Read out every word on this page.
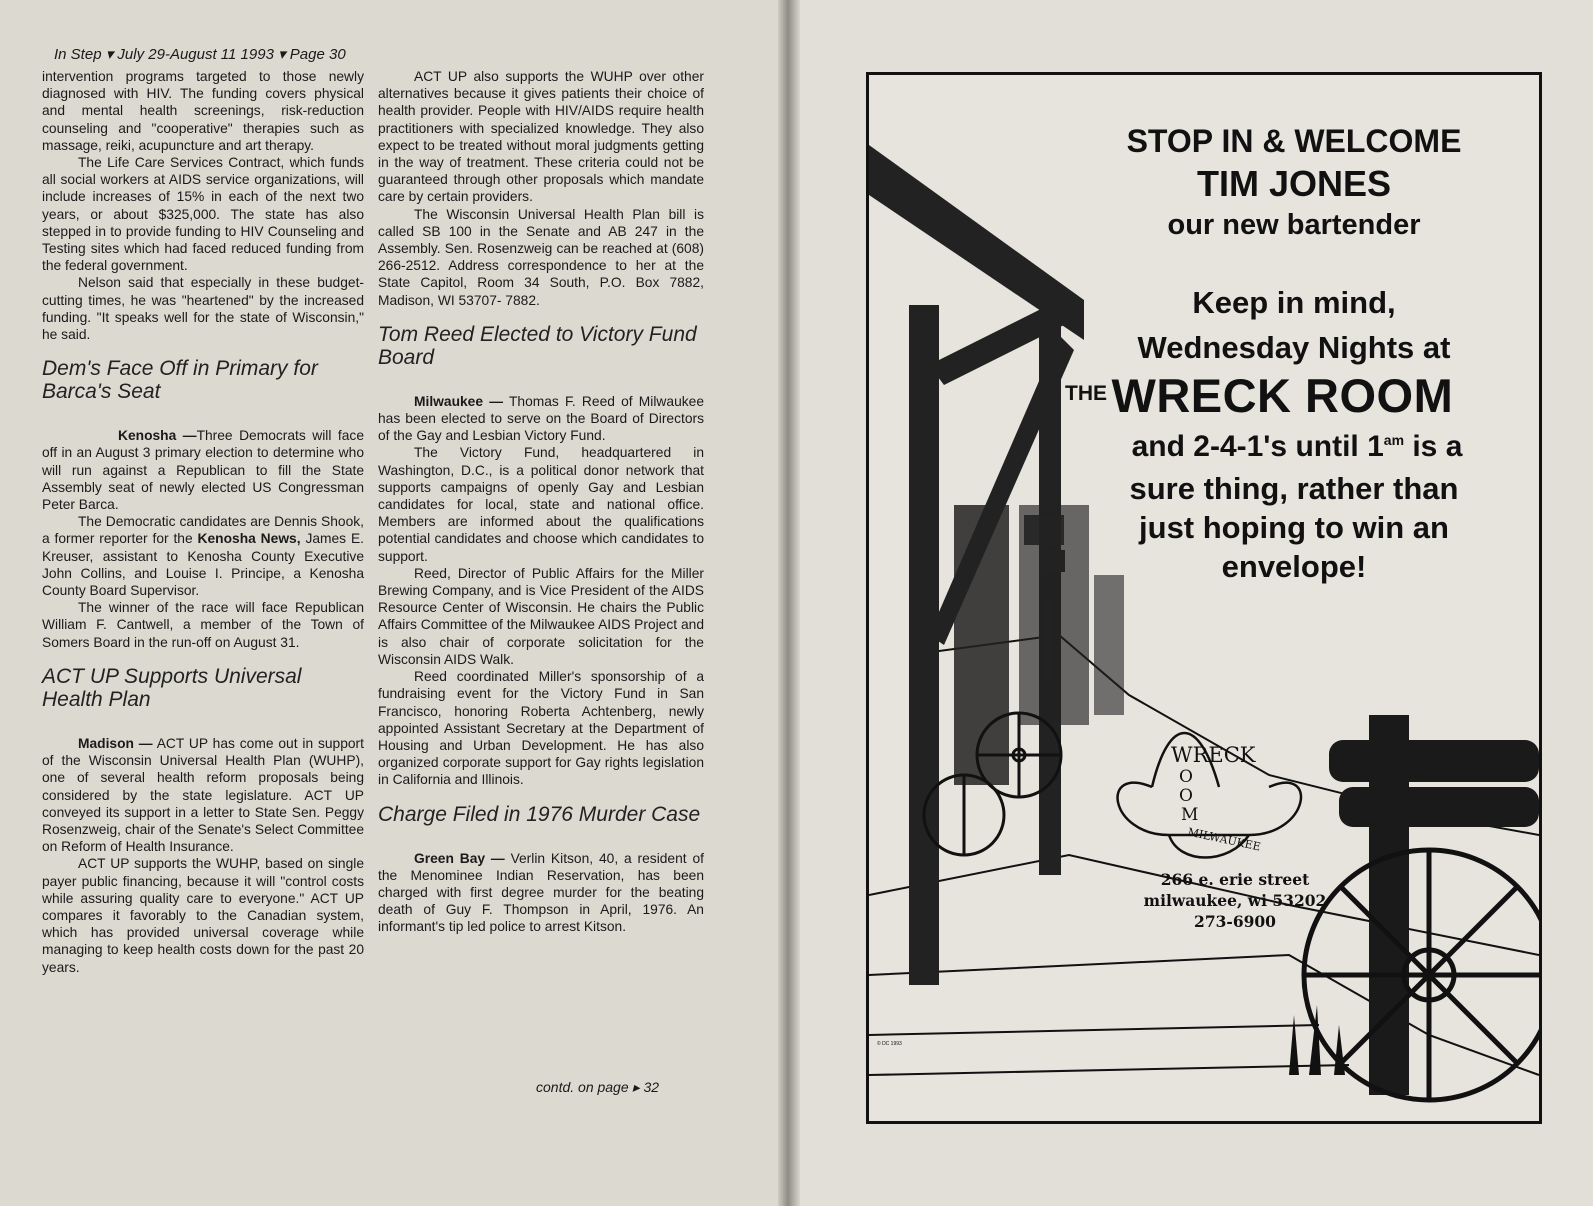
In Step ▾ July 29-August 11 1993 ▾ Page 30

intervention programs targeted to those newly diagnosed with HIV. The funding covers physical and mental health screenings, risk-reduction counseling and "cooperative" therapies such as massage, reiki, acupuncture and art therapy.

The Life Care Services Contract, which funds all social workers at AIDS service organizations, will include increases of 15% in each of the next two years, or about $325,000. The state has also stepped in to provide funding to HIV Counseling and Testing sites which had faced reduced funding from the federal government.

Nelson said that especially in these budget-cutting times, he was "heartened" by the increased funding. "It speaks well for the state of Wisconsin," he said.

Dem's Face Off in Primary for Barca's Seat

Kenosha —Three Democrats will face off in an August 3 primary election to determine who will run against a Republican to fill the State Assembly seat of newly elected US Congressman Peter Barca.

The Democratic candidates are Dennis Shook, a former reporter for the Kenosha News, James E. Kreuser, assistant to Kenosha County Executive John Collins, and Louise I. Principe, a Kenosha County Board Supervisor.

The winner of the race will face Republican William F. Cantwell, a member of the Town of Somers Board in the run-off on August 31.

ACT UP Supports Universal Health Plan

Madison — ACT UP has come out in support of the Wisconsin Universal Health Plan (WUHP), one of several health reform proposals being considered by the state legislature. ACT UP conveyed its support in a letter to State Sen. Peggy Rosenzweig, chair of the Senate's Select Committee on Reform of Health Insurance.

ACT UP supports the WUHP, based on single payer public financing, because it will "control costs while assuring quality care to everyone." ACT UP compares it favorably to the Canadian system, which has provided universal coverage while managing to keep health costs down for the past 20 years.

ACT UP also supports the WUHP over other alternatives because it gives patients their choice of health provider. People with HIV/AIDS require health practitioners with specialized knowledge. They also expect to be treated without moral judgments getting in the way of treatment. These criteria could not be guaranteed through other proposals which mandate care by certain providers.

The Wisconsin Universal Health Plan bill is called SB 100 in the Senate and AB 247 in the Assembly. Sen. Rosenzweig can be reached at (608) 266-2512. Address correspondence to her at the State Capitol, Room 34 South, P.O. Box 7882, Madison, WI 53707- 7882.

Tom Reed Elected to Victory Fund Board

Milwaukee — Thomas F. Reed of Milwaukee has been elected to serve on the Board of Directors of the Gay and Lesbian Victory Fund.

The Victory Fund, headquartered in Washington, D.C., is a political donor network that supports campaigns of openly Gay and Lesbian candidates for local, state and national office. Members are informed about the qualifications potential candidates and choose which candidates to support.

Reed, Director of Public Affairs for the Miller Brewing Company, and is Vice President of the AIDS Resource Center of Wisconsin. He chairs the Public Affairs Committee of the Milwaukee AIDS Project and is also chair of corporate solicitation for the Wisconsin AIDS Walk.

Reed coordinated Miller's sponsorship of a fundraising event for the Victory Fund in San Francisco, honoring Roberta Achtenberg, newly appointed Assistant Secretary at the Department of Housing and Urban Development. He has also organized corporate support for Gay rights legislation in California and Illinois.

Charge Filed in 1976 Murder Case

Green Bay — Verlin Kitson, 40, a resident of the Menominee Indian Reservation, has been charged with first degree murder for the beating death of Guy F. Thompson in April, 1976. An informant's tip led police to arrest Kitson.

contd. on page ▸ 32
STOP IN & WELCOME
TIM JONES
our new bartender
Keep in mind,
Wednesday Nights at
THE WRECK ROOM
and 2-4-1's until $1^{am}$ is a
sure thing, rather than
just hoping to win an
envelope!
WRECK
O
O
M
MILWAUKEE
266 e. erie street
milwaukee, wi 53202
273-6900
© DC 1993
